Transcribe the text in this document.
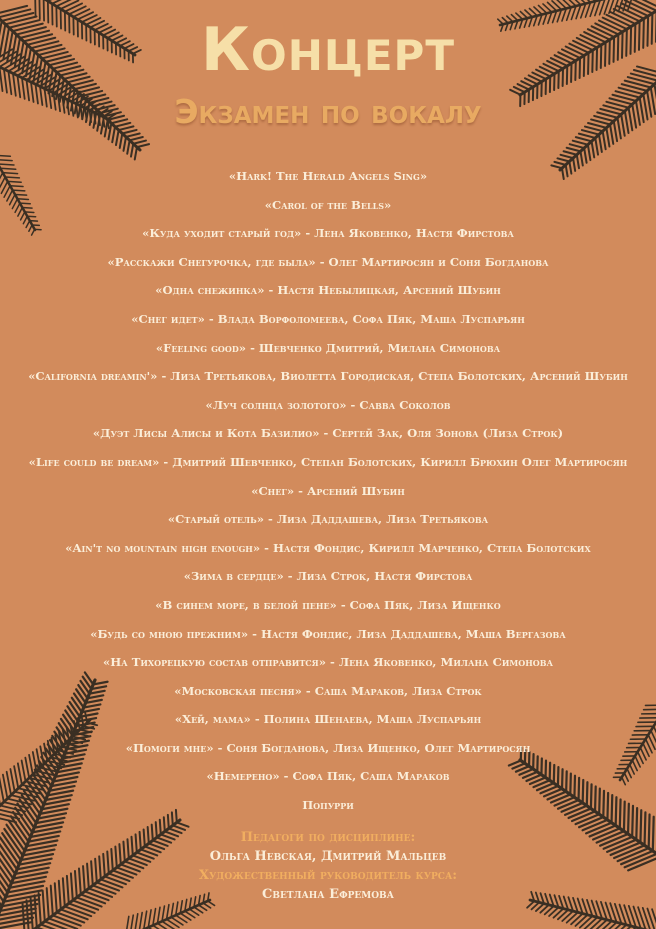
Концерт
Экзамен по вокалу
«Hark! The Herald Angels Sing»
«Carol of the Bells»
«Куда уходит старый год» - Лена Яковенко, Настя Фирстова
«Расскажи Снегурочка, где была» - Олег Мартиросян и Соня Богданова
«Одна снежинка» - Настя Небылицкая, Арсений Шубин
«Снег идет» - Влада Ворфоломеева, Софа Пяк, Маша Луспарьян
«Feeling good» - Шевченко Дмитрий, Милана Симонова
«California dreamin'» - Лиза Третьякова, Виолетта Городиская, Степа Болотских, Арсений Шубин
«Луч солнца золотого» - Савва Соколов
«Дуэт Лисы Алисы и Кота Базилио» - Сергей Зак, Оля Зонова (Лиза Строк)
«Life could be dream» - Дмитрий Шевченко, Степан Болотских, Кирилл Брюхин Олег Мартиросян
«Снег» - Арсений Шубин
«Старый отель» - Лиза Даддашева, Лиза Третьякова
«Ain't no mountain high enough» - Настя Фондис, Кирилл Марченко, Степа Болотских
«Зима в сердце» - Лиза Строк, Настя Фирстова
«В синем море, в белой пене» - Софа Пяк, Лиза Ищенко
«Будь со мною прежним» - Настя Фондис, Лиза Даддашева, Маша Вергазова
«На Тихорецкую состав отправится» - Лена Яковенко, Милана Симонова
«Московская песня» - Саша Мараков, Лиза Строк
«Хей, мама» - Полина Шенаева, Маша Луспарьян
«Помоги мне» - Соня Богданова, Лиза Ищенко, Олег Мартиросян
«Немерено» - Софа Пяк, Саша Мараков
Попурри
Педагоги по дисциплине:
Ольга Невская, Дмитрий Мальцев
Художественный руководитель курса:
Светлана Ефремова
